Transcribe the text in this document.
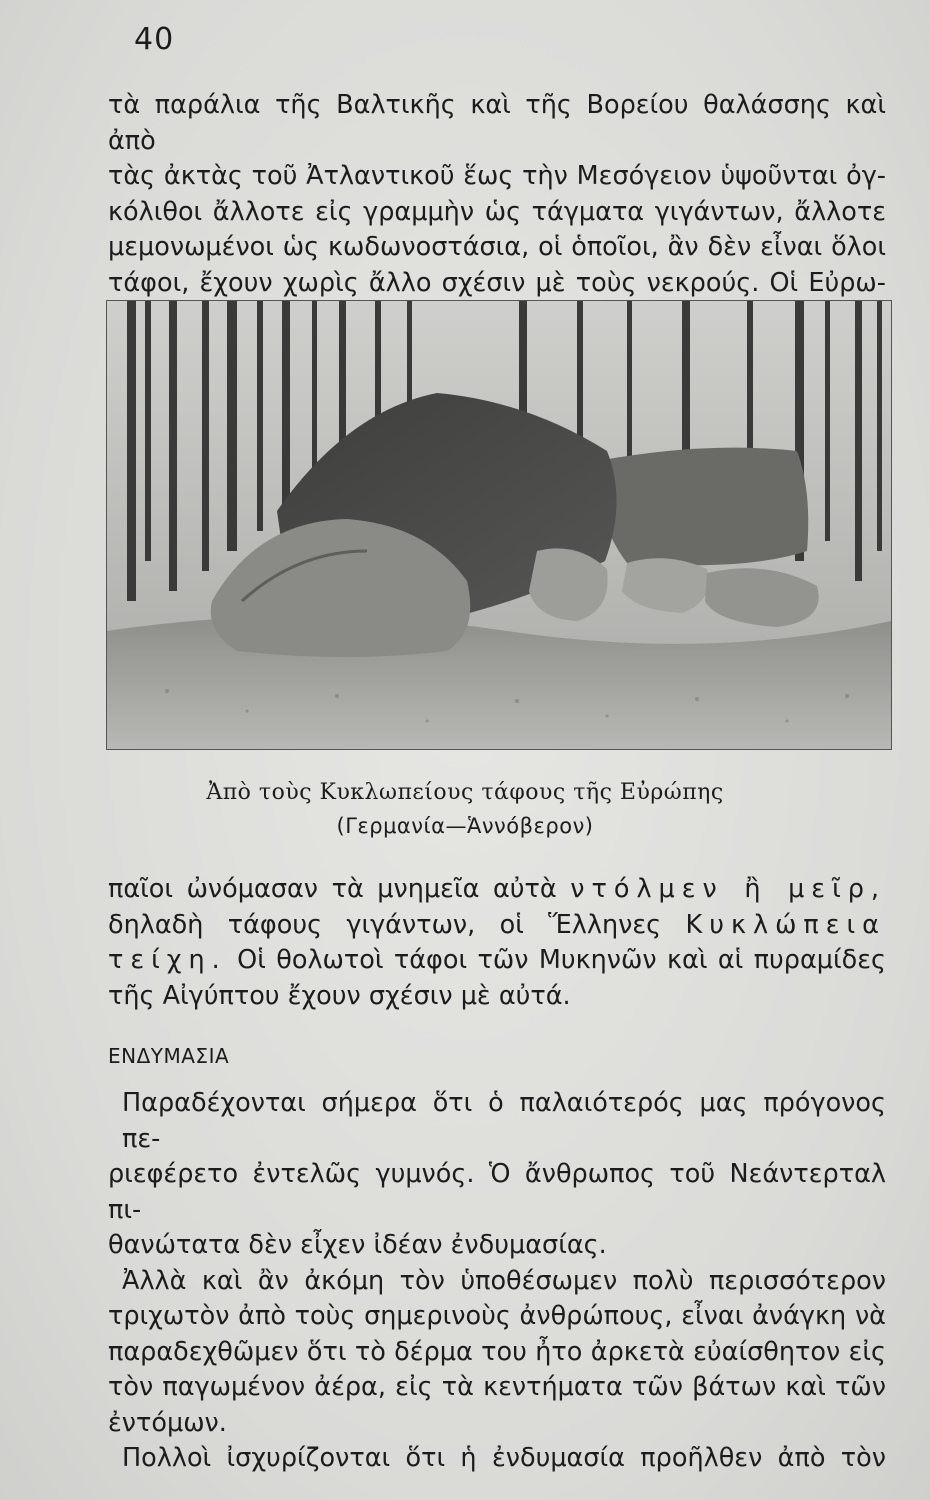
40
τὰ παράλια τῆς Βαλτικῆς καὶ τῆς Βορείου θαλάσσης καὶ ἀπὸ
τὰς ἀκτὰς τοῦ Ἀτλαντικοῦ ἕως τὴν Μεσόγειον ὑψοῦνται ὀγ-
κόλιθοι ἄλλοτε εἰς γραμμὴν ὡς τάγματα γιγάντων, ἄλλοτε
μεμονωμένοι ὡς κωδωνοστάσια, οἱ ὁποῖοι, ἂν δὲν εἶναι ὅλοι
τάφοι, ἔχουν χωρὶς ἄλλο σχέσιν μὲ τοὺς νεκρούς. Οἱ Εὐρω-
Ἀπὸ τοὺς Κυκλωπείους τάφους τῆς Εὐρώπης
(Γερμανία—Ἁννόβερον)
παῖοι ὠνόμασαν τὰ μνημεῖα αὐτὰ ντόλμεν ἢ μεῖρ,
δηλαδὴ τάφους γιγάντων, οἱ Ἕλληνες Κυκλώπεια
τείχη. Οἱ θολωτοὶ τάφοι τῶν Μυκηνῶν καὶ αἱ πυραμίδες
τῆς Αἰγύπτου ἔχουν σχέσιν μὲ αὐτά.
ΕΝΔΥΜΑΣΙΑ
Παραδέχονται σήμερα ὅτι ὁ παλαιότερός μας πρόγονος πε-
ριεφέρετο ἐντελῶς γυμνός. Ὁ ἄνθρωπος τοῦ Νεάντερταλ πι-
θανώτατα δὲν εἶχεν ἰδέαν ἐνδυμασίας.
Ἀλλὰ καὶ ἂν ἀκόμη τὸν ὑποθέσωμεν πολὺ περισσότερον
τριχωτὸν ἀπὸ τοὺς σημερινοὺς ἀνθρώπους, εἶναι ἀνάγκη νὰ
παραδεχθῶμεν ὅτι τὸ δέρμα του ἦτο ἀρκετὰ εὐαίσθητον εἰς
τὸν παγωμένον ἀέρα, εἰς τὰ κεντήματα τῶν βάτων καὶ τῶν
ἐντόμων.
Πολλοὶ ἰσχυρίζονται ὅτι ἡ ἐνδυμασία προῆλθεν ἀπὸ τὸν
